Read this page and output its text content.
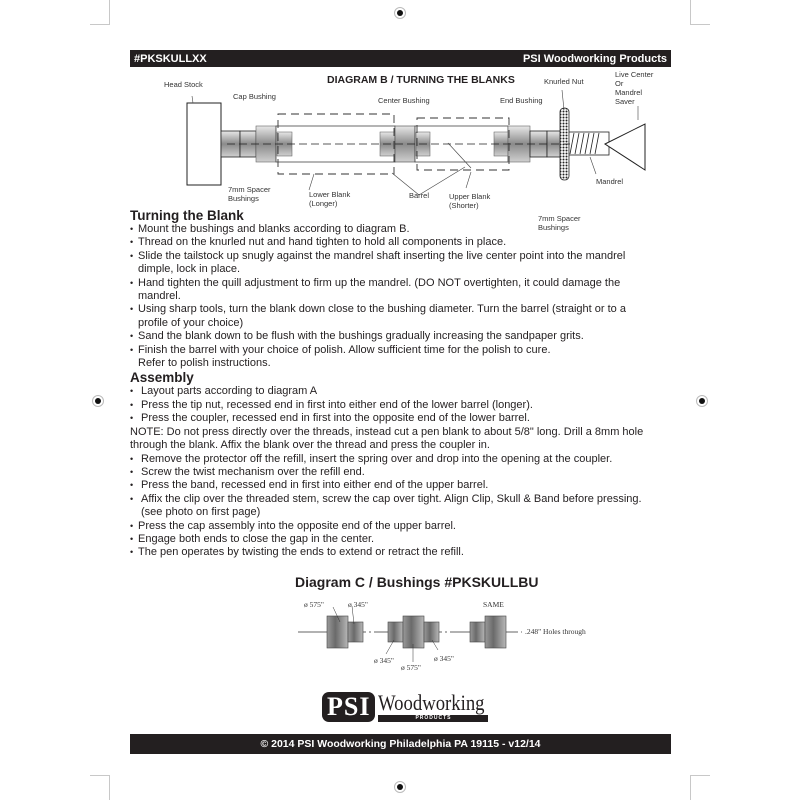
#PKSKULLXX	PSI Woodworking Products
DIAGRAM B / TURNING THE BLANKS
Head Stock
Cap Bushing	Center Bushing	End Bushing
Knurled Nut
Live Center
Or
Mandrel
Saver
7mm Spacer
Bushings	Lower Blank
(Longer)
Barrel	Upper Blank
(Shorter)
Mandrel
7mm Spacer
Bushings
Turning the Blank
• Mount the bushings and blanks according to diagram B.
• Thread on the knurled nut and hand tighten to hold all components in place.
• Slide the tailstock up snugly against the mandrel shaft inserting the live center point into the mandrel
dimple, lock in place.
• Hand tighten the quill adjustment to firm up the mandrel. (DO NOT overtighten, it could damage the
mandrel.
• Using sharp tools, turn the blank down close to the bushing diameter. Turn the barrel (straight or to a
profile of your choice)
• Sand the blank down to be flush with the bushings gradually increasing the sandpaper grits.
• Finish the barrel with your choice of polish. Allow sufficient time for the polish to cure.
Refer to polish instructions.
Assembly
• Layout parts according to diagram A
• Press the tip nut, recessed end in first into either end of the lower barrel (longer).
• Press the coupler, recessed end in first into the opposite end of the lower barrel.
NOTE: Do not press directly over the threads, instead cut a pen blank to about 5/8" long. Drill a 8mm hole
through the blank. Affix the blank over the thread and press the coupler in.
• Remove the protector off the refill, insert the spring over and drop into the opening at the coupler.
• Screw the twist mechanism over the refill end.
• Press the band, recessed end in first into either end of the upper barrel.
• Affix the clip over the threaded stem, screw the cap over tight. Align Clip, Skull & Band before pressing.
(see photo on first page)
• Press the cap assembly into the opposite end of the upper barrel.
• Engage both ends to close the gap in the center.
• The pen operates by twisting the ends to extend or retract the refill.
Diagram C / Bushings #PKSKULLBU
ø 575"	ø 345"	SAME
.248" Holes through
ø 345"
ø 575"
ø 345"
PSI Woodworking
PRODUCTS
© 2014 PSI Woodworking Philadelphia PA 19115 - v12/14
